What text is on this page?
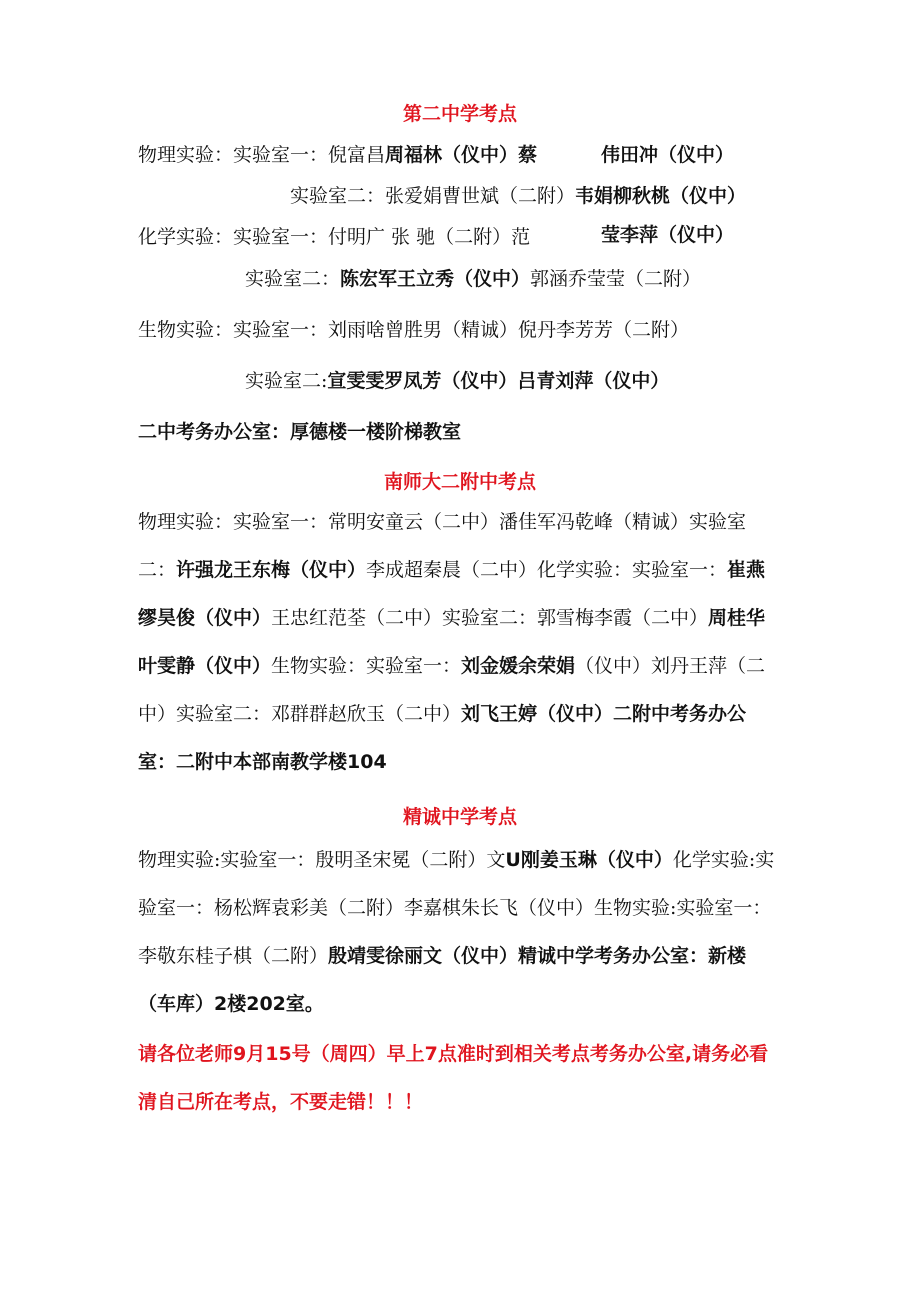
第二中学考点
物理实验：实验室一：倪富昌周福林（仪中）蔡	伟田冲（仪中）
实验室二：张爱娟曹世斌（二附）韦娟柳秋桃（仪中）
化学实验：实验室一：付明广 张 驰（二附）范	莹李萍（仪中）
实验室二：陈宏军王立秀（仪中）郭涵乔莹莹（二附）
生物实验：实验室一：刘雨啥曾胜男（精诚）倪丹李芳芳（二附）
实验室二:宣雯雯罗凤芳（仪中）吕青刘萍（仪中）
二中考务办公室：厚德楼一楼阶梯教室
南师大二附中考点
物理实验：实验室一：常明安童云（二中）潘佳军冯乾峰（精诚）实验室二：许强龙王东梅（仪中）李成超秦晨（二中）化学实验：实验室一：崔燕缪昊俊（仪中）王忠红范荃（二中）实验室二：郭雪梅李霞（二中）周桂华叶雯静（仪中）生物实验：实验室一：刘金媛余荣娟（仪中）刘丹王萍（二中）实验室二：邓群群赵欣玉（二中）刘飞王婷（仪中）二附中考务办公室：二附中本部南教学楼104
精诚中学考点
物理实验:实验室一：殷明圣宋冕（二附）文U刚姜玉琳（仪中）化学实验:实验室一：杨松辉袁彩美（二附）李嘉棋朱长飞（仪中）生物实验:实验室一：李敬东桂子棋（二附）殷靖雯徐丽文（仪中）精诚中学考务办公室：新楼（车库）2楼202室。
请各位老师9月15号（周四）早上7点准时到相关考点考务办公室,请务必看清自己所在考点，不要走错！！！
